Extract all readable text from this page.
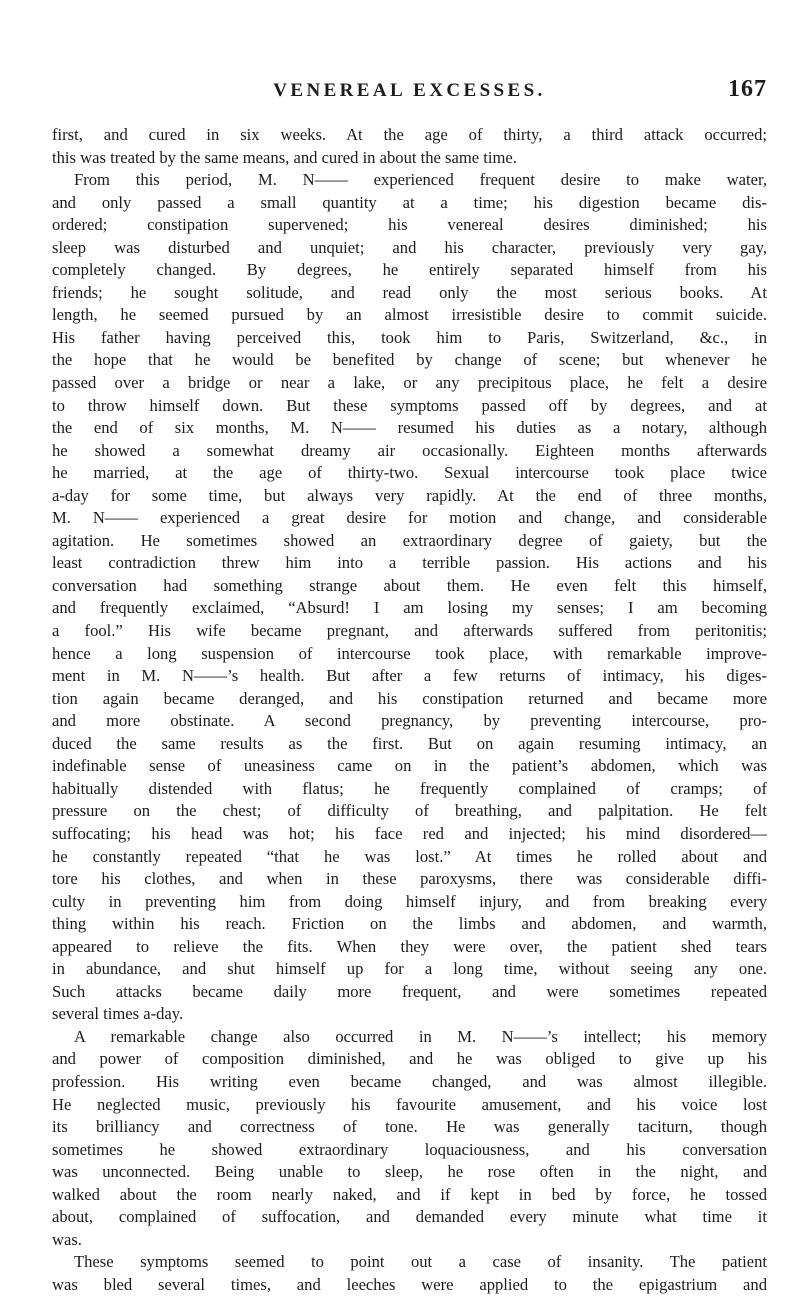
VENEREAL EXCESSES.	167
first, and cured in six weeks. At the age of thirty, a third attack occurred;
this was treated by the same means, and cured in about the same time.
From this period, M. N—— experienced frequent desire to make water,
and only passed a small quantity at a time; his digestion became dis-
ordered; constipation supervened; his venereal desires diminished; his
sleep was disturbed and unquiet; and his character, previously very gay,
completely changed. By degrees, he entirely separated himself from his
friends; he sought solitude, and read only the most serious books. At
length, he seemed pursued by an almost irresistible desire to commit suicide.
His father having perceived this, took him to Paris, Switzerland, &c., in
the hope that he would be benefited by change of scene; but whenever he
passed over a bridge or near a lake, or any precipitous place, he felt a desire
to throw himself down. But these symptoms passed off by degrees, and at
the end of six months, M. N—— resumed his duties as a notary, although
he showed a somewhat dreamy air occasionally. Eighteen months afterwards
he married, at the age of thirty-two. Sexual intercourse took place twice
a-day for some time, but always very rapidly. At the end of three months,
M. N—— experienced a great desire for motion and change, and considerable
agitation. He sometimes showed an extraordinary degree of gaiety, but the
least contradiction threw him into a terrible passion. His actions and his
conversation had something strange about them. He even felt this himself,
and frequently exclaimed, “Absurd! I am losing my senses; I am becoming
a fool.” His wife became pregnant, and afterwards suffered from peritonitis;
hence a long suspension of intercourse took place, with remarkable improve-
ment in M. N——’s health. But after a few returns of intimacy, his diges-
tion again became deranged, and his constipation returned and became more
and more obstinate. A second pregnancy, by preventing intercourse, pro-
duced the same results as the first. But on again resuming intimacy, an
indefinable sense of uneasiness came on in the patient’s abdomen, which was
habitually distended with flatus; he frequently complained of cramps; of
pressure on the chest; of difficulty of breathing, and palpitation. He felt
suffocating; his head was hot; his face red and injected; his mind disordered—
he constantly repeated “that he was lost.” At times he rolled about and
tore his clothes, and when in these paroxysms, there was considerable diffi-
culty in preventing him from doing himself injury, and from breaking every
thing within his reach. Friction on the limbs and abdomen, and warmth,
appeared to relieve the fits. When they were over, the patient shed tears
in abundance, and shut himself up for a long time, without seeing any one.
Such attacks became daily more frequent, and were sometimes repeated
several times a-day.
A remarkable change also occurred in M. N——’s intellect; his memory
and power of composition diminished, and he was obliged to give up his
profession. His writing even became changed, and was almost illegible.
He neglected music, previously his favourite amusement, and his voice lost
its brilliancy and correctness of tone. He was generally taciturn, though
sometimes he showed extraordinary loquaciousness, and his conversation
was unconnected. Being unable to sleep, he rose often in the night, and
walked about the room nearly naked, and if kept in bed by force, he tossed
about, complained of suffocation, and demanded every minute what time it
was.
These symptoms seemed to point out a case of insanity. The patient
was bled several times, and leeches were applied to the epigastrium and
